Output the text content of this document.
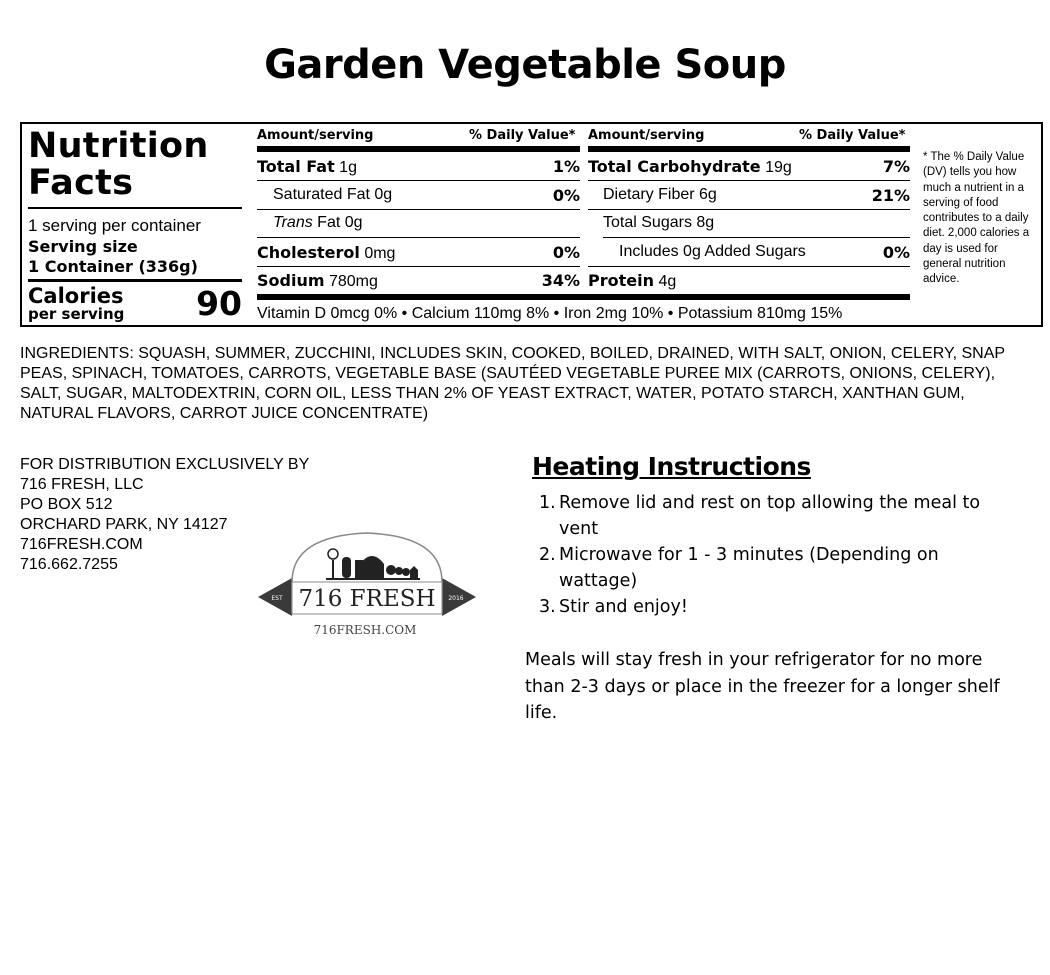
Garden Vegetable Soup
Nutrition
Facts
1 serving per container
Serving size
1 Container (336g)
Calories
per serving 90
Amount/serving	% Daily Value*
Total Fat 1g	1%
Saturated Fat 0g	0%
Trans Fat 0g
Cholesterol 0mg	0%
Sodium 780mg	34%
Amount/serving	% Daily Value*
Total Carbohydrate 19g	7%
Dietary Fiber 6g	21%
Total Sugars 8g
Includes 0g Added Sugars	0%
Protein 4g
Vitamin D 0mcg 0% • Calcium 110mg 8% • Iron 2mg 10% • Potassium 810mg 15%
* The % Daily Value (DV) tells you how much a nutrient in a serving of food contributes to a daily diet. 2,000 calories a day is used for general nutrition advice.
INGREDIENTS: SQUASH, SUMMER, ZUCCHINI, INCLUDES SKIN, COOKED, BOILED, DRAINED, WITH SALT, ONION, CELERY, SNAP PEAS, SPINACH, TOMATOES, CARROTS, VEGETABLE BASE (SAUTÉED VEGETABLE PUREE MIX (CARROTS, ONIONS, CELERY), SALT, SUGAR, MALTODEXTRIN, CORN OIL, LESS THAN 2% OF YEAST EXTRACT, WATER, POTATO STARCH, XANTHAN GUM, NATURAL FLAVORS, CARROT JUICE CONCENTRATE)
FOR DISTRIBUTION EXCLUSIVELY BY
716 FRESH, LLC
PO BOX 512
ORCHARD PARK, NY 14127
716FRESH.COM
716.662.7255
716 FRESH
EST	2016
716FRESH.COM
Heating Instructions
1. Remove lid and rest on top allowing the meal to vent
2. Microwave for 1 - 3 minutes (Depending on wattage)
3. Stir and enjoy!
Meals will stay fresh in your refrigerator for no more than 2-3 days or place in the freezer for a longer shelf life.
